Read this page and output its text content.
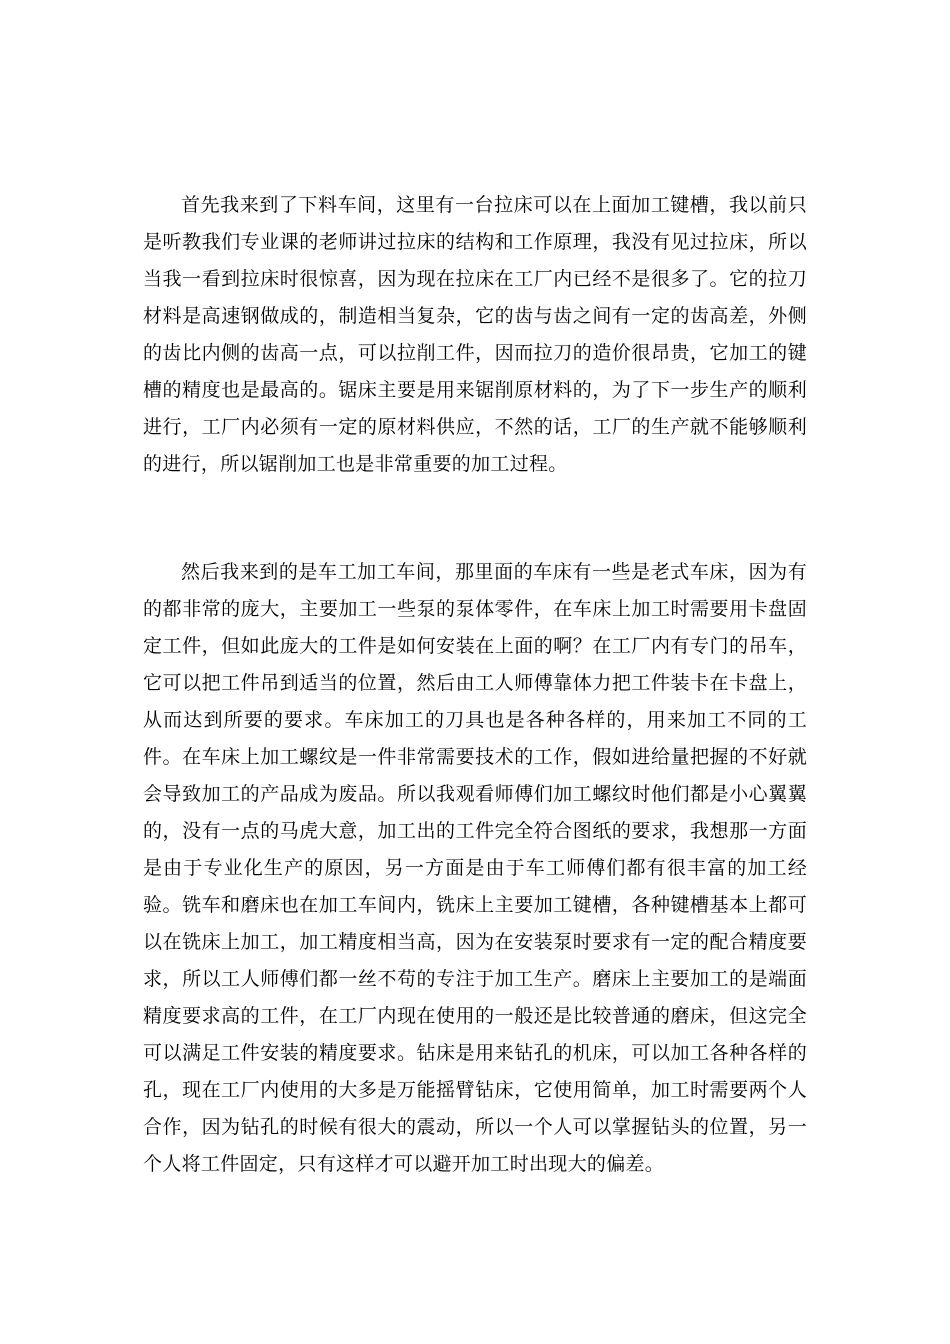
首先我来到了下料车间，这里有一台拉床可以在上面加工键槽，我以前只是听教我们专业课的老师讲过拉床的结构和工作原理，我没有见过拉床，所以当我一看到拉床时很惊喜，因为现在拉床在工厂内已经不是很多了。它的拉刀材料是高速钢做成的，制造相当复杂，它的齿与齿之间有一定的齿高差，外侧的齿比内侧的齿高一点，可以拉削工件，因而拉刀的造价很昂贵，它加工的键槽的精度也是最高的。锯床主要是用来锯削原材料的，为了下一步生产的顺利进行，工厂内必须有一定的原材料供应，不然的话，工厂的生产就不能够顺利的进行，所以锯削加工也是非常重要的加工过程。

然后我来到的是车工加工车间，那里面的车床有一些是老式车床，因为有的都非常的庞大，主要加工一些泵的泵体零件，在车床上加工时需要用卡盘固定工件，但如此庞大的工件是如何安装在上面的啊？在工厂内有专门的吊车，它可以把工件吊到适当的位置，然后由工人师傅靠体力把工件装卡在卡盘上，从而达到所要的要求。车床加工的刀具也是各种各样的，用来加工不同的工件。在车床上加工螺纹是一件非常需要技术的工作，假如进给量把握的不好就会导致加工的产品成为废品。所以我观看师傅们加工螺纹时他们都是小心翼翼的，没有一点的马虎大意，加工出的工件完全符合图纸的要求，我想那一方面是由于专业化生产的原因，另一方面是由于车工师傅们都有很丰富的加工经验。铣车和磨床也在加工车间内，铣床上主要加工键槽，各种键槽基本上都可以在铣床上加工，加工精度相当高，因为在安装泵时要求有一定的配合精度要求，所以工人师傅们都一丝不苟的专注于加工生产。磨床上主要加工的是端面精度要求高的工件，在工厂内现在使用的一般还是比较普通的磨床，但这完全可以满足工件安装的精度要求。钻床是用来钻孔的机床，可以加工各种各样的孔，现在工厂内使用的大多是万能摇臂钻床，它使用简单，加工时需要两个人合作，因为钻孔的时候有很大的震动，所以一个人可以掌握钻头的位置，另一个人将工件固定，只有这样才可以避开加工时出现大的偏差。
